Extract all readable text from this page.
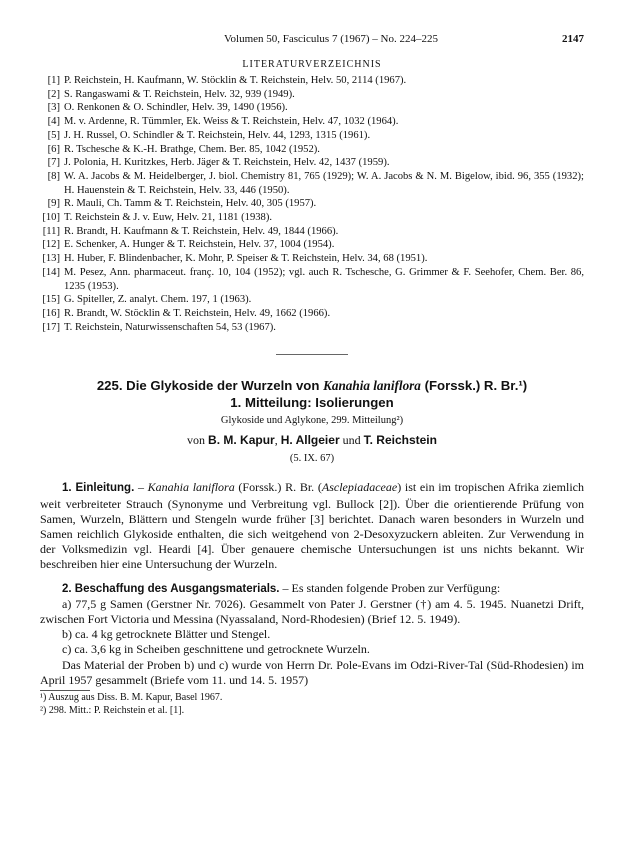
Volumen 50, Fasciculus 7 (1967) – No. 224–225	2147
LITERATURVERZEICHNIS
[1] P. Reichstein, H. Kaufmann, W. Stöcklin & T. Reichstein, Helv. 50, 2114 (1967).
[2] S. Rangaswami & T. Reichstein, Helv. 32, 939 (1949).
[3] O. Renkonen & O. Schindler, Helv. 39, 1490 (1956).
[4] M. v. Ardenne, R. Tümmler, Ek. Weiss & T. Reichstein, Helv. 47, 1032 (1964).
[5] J. H. Russel, O. Schindler & T. Reichstein, Helv. 44, 1293, 1315 (1961).
[6] R. Tschesche & K.-H. Brathge, Chem. Ber. 85, 1042 (1952).
[7] J. Polonia, H. Kuritzkes, Herb. Jäger & T. Reichstein, Helv. 42, 1437 (1959).
[8] W. A. Jacobs & M. Heidelberger, J. biol. Chemistry 81, 765 (1929); W. A. Jacobs & N. M. Bigelow, ibid. 96, 355 (1932); H. Hauenstein & T. Reichstein, Helv. 33, 446 (1950).
[9] R. Mauli, Ch. Tamm & T. Reichstein, Helv. 40, 305 (1957).
[10] T. Reichstein & J. v. Euw, Helv. 21, 1181 (1938).
[11] R. Brandt, H. Kaufmann & T. Reichstein, Helv. 49, 1844 (1966).
[12] E. Schenker, A. Hunger & T. Reichstein, Helv. 37, 1004 (1954).
[13] H. Huber, F. Blindenbacher, K. Mohr, P. Speiser & T. Reichstein, Helv. 34, 68 (1951).
[14] M. Pesez, Ann. pharmaceut. franç. 10, 104 (1952); vgl. auch R. Tschesche, G. Grimmer & F. Seehofer, Chem. Ber. 86, 1235 (1953).
[15] G. Spiteller, Z. analyt. Chem. 197, 1 (1963).
[16] R. Brandt, W. Stöcklin & T. Reichstein, Helv. 49, 1662 (1966).
[17] T. Reichstein, Naturwissenschaften 54, 53 (1967).
225. Die Glykoside der Wurzeln von Kanahia laniflora (Forssk.) R. Br.¹)
1. Mitteilung: Isolierungen
Glykoside und Aglykone, 299. Mitteilung²)
von B. M. Kapur, H. Allgeier und T. Reichstein
(5. IX. 67)

1. Einleitung. – Kanahia laniflora (Forssk.) R. Br. (Asclepiadaceae) ist ein im tropischen Afrika ziemlich weit verbreiteter Strauch (Synonyme und Verbreitung vgl. Bullock [2]). Über die orientierende Prüfung von Samen, Wurzeln, Blättern und Stengeln wurde früher [3] berichtet. Danach waren besonders in Wurzeln und Samen reichlich Glykoside enthalten, die sich weitgehend von 2-Desoxyzuckern ableiten. Zur Verwendung in der Volksmedizin vgl. Heardi [4]. Über genauere chemische Untersuchungen ist uns nichts bekannt. Wir beschreiben hier eine Untersuchung der Wurzeln.

2. Beschaffung des Ausgangsmaterials. – Es standen folgende Proben zur Verfügung:

a) 77,5 g Samen (Gerstner Nr. 7026). Gesammelt von Pater J. Gerstner (†) am 4. 5. 1945. Nuanetzi Drift, zwischen Fort Victoria und Messina (Nyassaland, Nord-Rhodesien) (Brief 12. 5. 1949).

b) ca. 4 kg getrocknete Blätter und Stengel.

c) ca. 3,6 kg in Scheiben geschnittene und getrocknete Wurzeln.

Das Material der Proben b) und c) wurde von Herrn Dr. Pole-Evans im Odzi-River-Tal (Süd-Rhodesien) im April 1957 gesammelt (Briefe vom 11. und 14. 5. 1957)

¹) Auszug aus Diss. B. M. Kapur, Basel 1967.
²) 298. Mitt.: P. Reichstein et al. [1].
